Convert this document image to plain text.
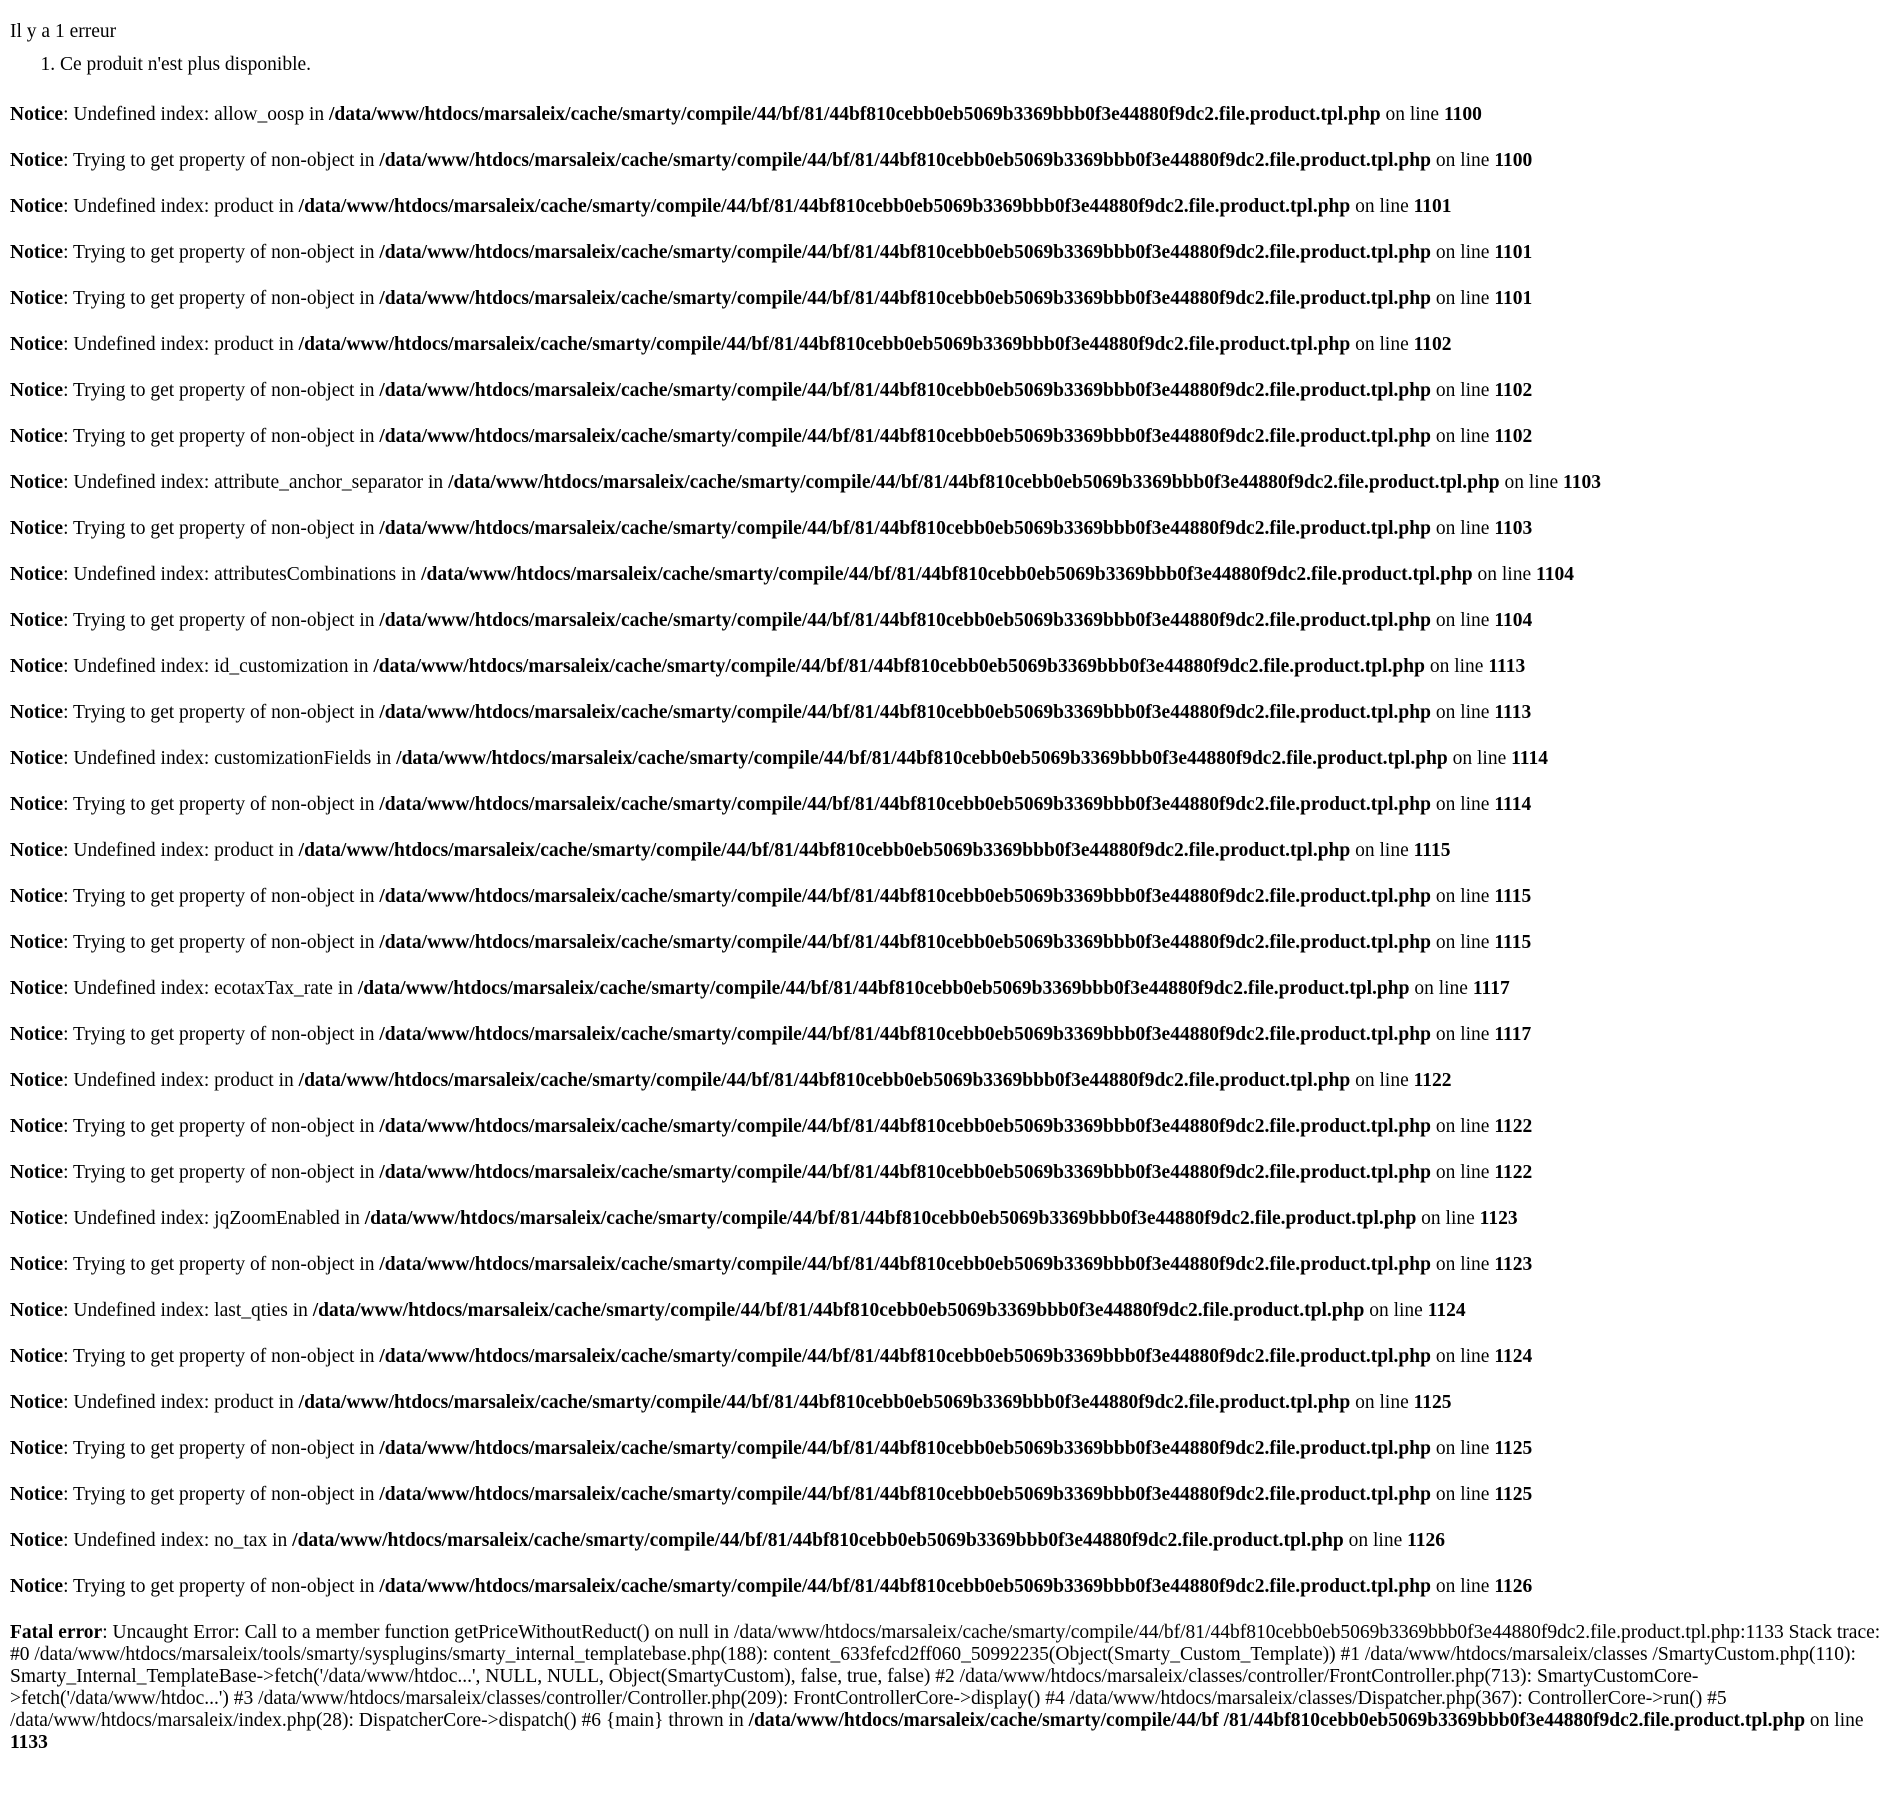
Il y a 1 erreur
1. Ce produit n'est plus disponible.
Notice: Undefined index: allow_oosp in /data/www/htdocs/marsaleix/cache/smarty/compile/44/bf/81/44bf810cebb0eb5069b3369bbb0f3e44880f9dc2.file.product.tpl.php on line 1100
Notice: Trying to get property of non-object in /data/www/htdocs/marsaleix/cache/smarty/compile/44/bf/81/44bf810cebb0eb5069b3369bbb0f3e44880f9dc2.file.product.tpl.php on line 1100
Notice: Undefined index: product in /data/www/htdocs/marsaleix/cache/smarty/compile/44/bf/81/44bf810cebb0eb5069b3369bbb0f3e44880f9dc2.file.product.tpl.php on line 1101
Notice: Trying to get property of non-object in /data/www/htdocs/marsaleix/cache/smarty/compile/44/bf/81/44bf810cebb0eb5069b3369bbb0f3e44880f9dc2.file.product.tpl.php on line 1101
Notice: Trying to get property of non-object in /data/www/htdocs/marsaleix/cache/smarty/compile/44/bf/81/44bf810cebb0eb5069b3369bbb0f3e44880f9dc2.file.product.tpl.php on line 1101
Notice: Undefined index: product in /data/www/htdocs/marsaleix/cache/smarty/compile/44/bf/81/44bf810cebb0eb5069b3369bbb0f3e44880f9dc2.file.product.tpl.php on line 1102
Notice: Trying to get property of non-object in /data/www/htdocs/marsaleix/cache/smarty/compile/44/bf/81/44bf810cebb0eb5069b3369bbb0f3e44880f9dc2.file.product.tpl.php on line 1102
Notice: Trying to get property of non-object in /data/www/htdocs/marsaleix/cache/smarty/compile/44/bf/81/44bf810cebb0eb5069b3369bbb0f3e44880f9dc2.file.product.tpl.php on line 1102
Notice: Undefined index: attribute_anchor_separator in /data/www/htdocs/marsaleix/cache/smarty/compile/44/bf/81/44bf810cebb0eb5069b3369bbb0f3e44880f9dc2.file.product.tpl.php on line 1103
Notice: Trying to get property of non-object in /data/www/htdocs/marsaleix/cache/smarty/compile/44/bf/81/44bf810cebb0eb5069b3369bbb0f3e44880f9dc2.file.product.tpl.php on line 1103
Notice: Undefined index: attributesCombinations in /data/www/htdocs/marsaleix/cache/smarty/compile/44/bf/81/44bf810cebb0eb5069b3369bbb0f3e44880f9dc2.file.product.tpl.php on line 1104
Notice: Trying to get property of non-object in /data/www/htdocs/marsaleix/cache/smarty/compile/44/bf/81/44bf810cebb0eb5069b3369bbb0f3e44880f9dc2.file.product.tpl.php on line 1104
Notice: Undefined index: id_customization in /data/www/htdocs/marsaleix/cache/smarty/compile/44/bf/81/44bf810cebb0eb5069b3369bbb0f3e44880f9dc2.file.product.tpl.php on line 1113
Notice: Trying to get property of non-object in /data/www/htdocs/marsaleix/cache/smarty/compile/44/bf/81/44bf810cebb0eb5069b3369bbb0f3e44880f9dc2.file.product.tpl.php on line 1113
Notice: Undefined index: customizationFields in /data/www/htdocs/marsaleix/cache/smarty/compile/44/bf/81/44bf810cebb0eb5069b3369bbb0f3e44880f9dc2.file.product.tpl.php on line 1114
Notice: Trying to get property of non-object in /data/www/htdocs/marsaleix/cache/smarty/compile/44/bf/81/44bf810cebb0eb5069b3369bbb0f3e44880f9dc2.file.product.tpl.php on line 1114
Notice: Undefined index: product in /data/www/htdocs/marsaleix/cache/smarty/compile/44/bf/81/44bf810cebb0eb5069b3369bbb0f3e44880f9dc2.file.product.tpl.php on line 1115
Notice: Trying to get property of non-object in /data/www/htdocs/marsaleix/cache/smarty/compile/44/bf/81/44bf810cebb0eb5069b3369bbb0f3e44880f9dc2.file.product.tpl.php on line 1115
Notice: Trying to get property of non-object in /data/www/htdocs/marsaleix/cache/smarty/compile/44/bf/81/44bf810cebb0eb5069b3369bbb0f3e44880f9dc2.file.product.tpl.php on line 1115
Notice: Undefined index: ecotaxTax_rate in /data/www/htdocs/marsaleix/cache/smarty/compile/44/bf/81/44bf810cebb0eb5069b3369bbb0f3e44880f9dc2.file.product.tpl.php on line 1117
Notice: Trying to get property of non-object in /data/www/htdocs/marsaleix/cache/smarty/compile/44/bf/81/44bf810cebb0eb5069b3369bbb0f3e44880f9dc2.file.product.tpl.php on line 1117
Notice: Undefined index: product in /data/www/htdocs/marsaleix/cache/smarty/compile/44/bf/81/44bf810cebb0eb5069b3369bbb0f3e44880f9dc2.file.product.tpl.php on line 1122
Notice: Trying to get property of non-object in /data/www/htdocs/marsaleix/cache/smarty/compile/44/bf/81/44bf810cebb0eb5069b3369bbb0f3e44880f9dc2.file.product.tpl.php on line 1122
Notice: Trying to get property of non-object in /data/www/htdocs/marsaleix/cache/smarty/compile/44/bf/81/44bf810cebb0eb5069b3369bbb0f3e44880f9dc2.file.product.tpl.php on line 1122
Notice: Undefined index: jqZoomEnabled in /data/www/htdocs/marsaleix/cache/smarty/compile/44/bf/81/44bf810cebb0eb5069b3369bbb0f3e44880f9dc2.file.product.tpl.php on line 1123
Notice: Trying to get property of non-object in /data/www/htdocs/marsaleix/cache/smarty/compile/44/bf/81/44bf810cebb0eb5069b3369bbb0f3e44880f9dc2.file.product.tpl.php on line 1123
Notice: Undefined index: last_qties in /data/www/htdocs/marsaleix/cache/smarty/compile/44/bf/81/44bf810cebb0eb5069b3369bbb0f3e44880f9dc2.file.product.tpl.php on line 1124
Notice: Trying to get property of non-object in /data/www/htdocs/marsaleix/cache/smarty/compile/44/bf/81/44bf810cebb0eb5069b3369bbb0f3e44880f9dc2.file.product.tpl.php on line 1124
Notice: Undefined index: product in /data/www/htdocs/marsaleix/cache/smarty/compile/44/bf/81/44bf810cebb0eb5069b3369bbb0f3e44880f9dc2.file.product.tpl.php on line 1125
Notice: Trying to get property of non-object in /data/www/htdocs/marsaleix/cache/smarty/compile/44/bf/81/44bf810cebb0eb5069b3369bbb0f3e44880f9dc2.file.product.tpl.php on line 1125
Notice: Trying to get property of non-object in /data/www/htdocs/marsaleix/cache/smarty/compile/44/bf/81/44bf810cebb0eb5069b3369bbb0f3e44880f9dc2.file.product.tpl.php on line 1125
Notice: Undefined index: no_tax in /data/www/htdocs/marsaleix/cache/smarty/compile/44/bf/81/44bf810cebb0eb5069b3369bbb0f3e44880f9dc2.file.product.tpl.php on line 1126
Notice: Trying to get property of non-object in /data/www/htdocs/marsaleix/cache/smarty/compile/44/bf/81/44bf810cebb0eb5069b3369bbb0f3e44880f9dc2.file.product.tpl.php on line 1126
Fatal error: Uncaught Error: Call to a member function getPriceWithoutReduct() on null in /data/www/htdocs/marsaleix/cache/smarty/compile/44/bf/81/44bf810cebb0eb5069b3369bbb0f3e44880f9dc2.file.product.tpl.php:1133 Stack trace: #0 /data/www/htdocs/marsaleix/tools/smarty/sysplugins/smarty_internal_templatebase.php(188): content_633fefcd2ff060_50992235(Object(Smarty_Custom_Template)) #1 /data/www/htdocs/marsaleix/classes /SmartyCustom.php(110): Smarty_Internal_TemplateBase->fetch('/data/www/htdoc...', NULL, NULL, Object(SmartyCustom), false, true, false) #2 /data/www/htdocs/marsaleix/classes/controller/FrontController.php(713): SmartyCustomCore->fetch('/data/www/htdoc...') #3 /data/www/htdocs/marsaleix/classes/controller/Controller.php(209): FrontControllerCore->display() #4 /data/www/htdocs/marsaleix/classes/Dispatcher.php(367): ControllerCore->run() #5 /data/www/htdocs/marsaleix/index.php(28): DispatcherCore->dispatch() #6 {main} thrown in /data/www/htdocs/marsaleix/cache/smarty/compile/44/bf /81/44bf810cebb0eb5069b3369bbb0f3e44880f9dc2.file.product.tpl.php on line 1133
